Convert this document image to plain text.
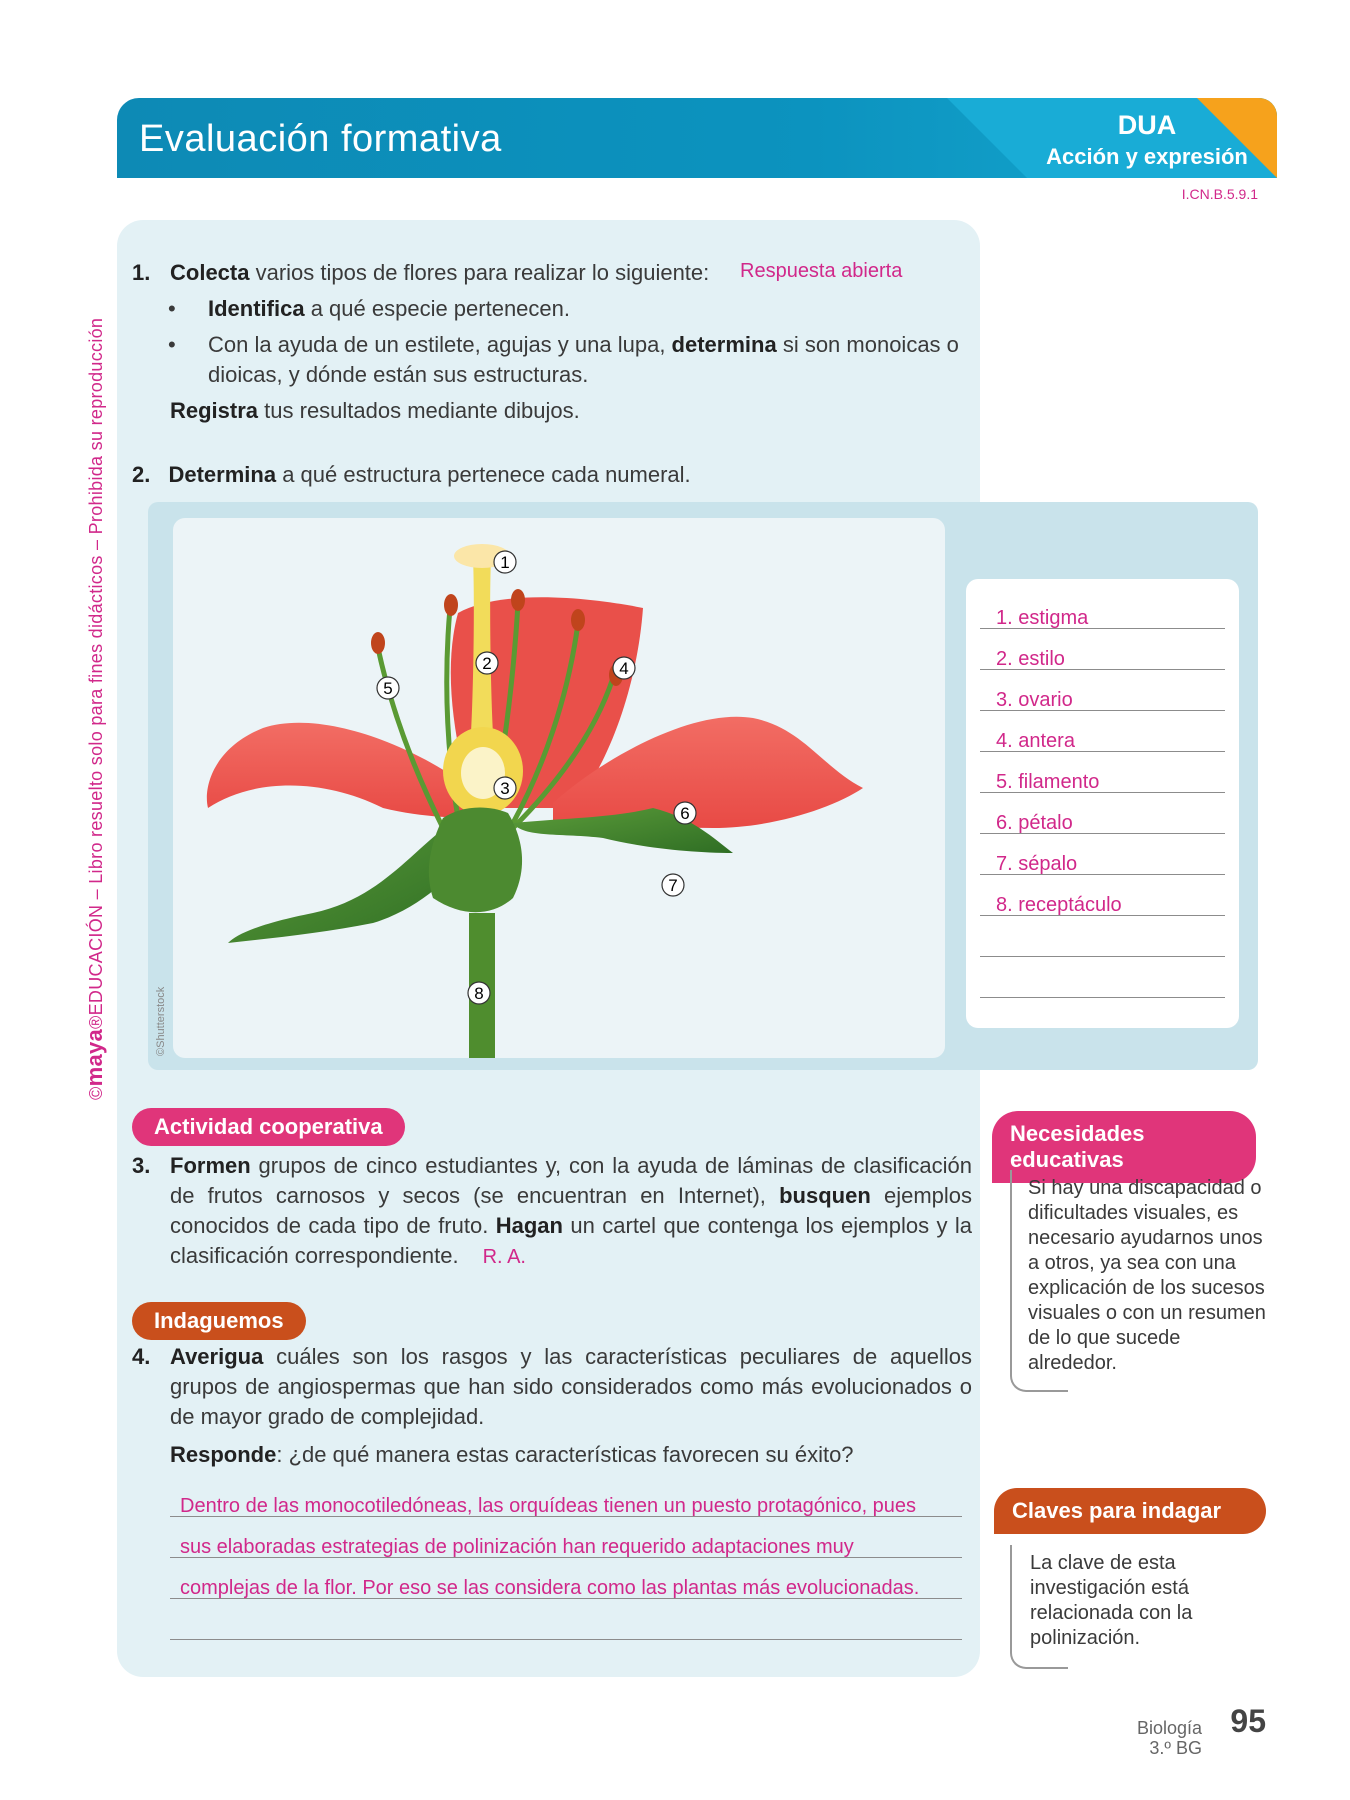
Evaluación formativa	DUA
Acción y expresión
I.CN.B.5.9.1
©maya®EDUCACIÓN – Libro resuelto solo para fines didácticos – Prohibida su reproducción
1. Colecta varios tipos de flores para realizar lo siguiente: Respuesta abierta
• Identifica a qué especie pertenecen.
• Con la ayuda de un estilete, agujas y una lupa, determina si son monoicas o dioicas, y dónde están sus estructuras.
Registra tus resultados mediante dibujos.
2. Determina a qué estructura pertenece cada numeral.
1
2
3
4
5
6
7
8
©Shutterstock
1. estigma
2. estilo
3. ovario
4. antera
5. filamento
6. pétalo
7. sépalo
8. receptáculo
Actividad cooperativa
3. Formen grupos de cinco estudiantes y, con la ayuda de láminas de clasificación de frutos carnosos y secos (se encuentran en Internet), busquen ejemplos conocidos de cada tipo de fruto. Hagan un cartel que contenga los ejemplos y la clasificación correspondiente. R. A.
Indaguemos
4. Averigua cuáles son los rasgos y las características peculiares de aquellos grupos de angiospermas que han sido considerados como más evolucionados o de mayor grado de complejidad.
Responde: ¿de qué manera estas características favorecen su éxito?
Dentro de las monocotiledóneas, las orquídeas tienen un puesto protagónico, pues
sus elaboradas estrategias de polinización han requerido adaptaciones muy
complejas de la flor. Por eso se las considera como las plantas más evolucionadas.
Necesidades educativas
Si hay una discapacidad o dificultades visuales, es necesario ayudarnos unos a otros, ya sea con una explicación de los sucesos visuales o con un resumen de lo que sucede alrededor.
Claves para indagar
La clave de esta investigación está relacionada con la polinización.
Biología
3.º BG
95
